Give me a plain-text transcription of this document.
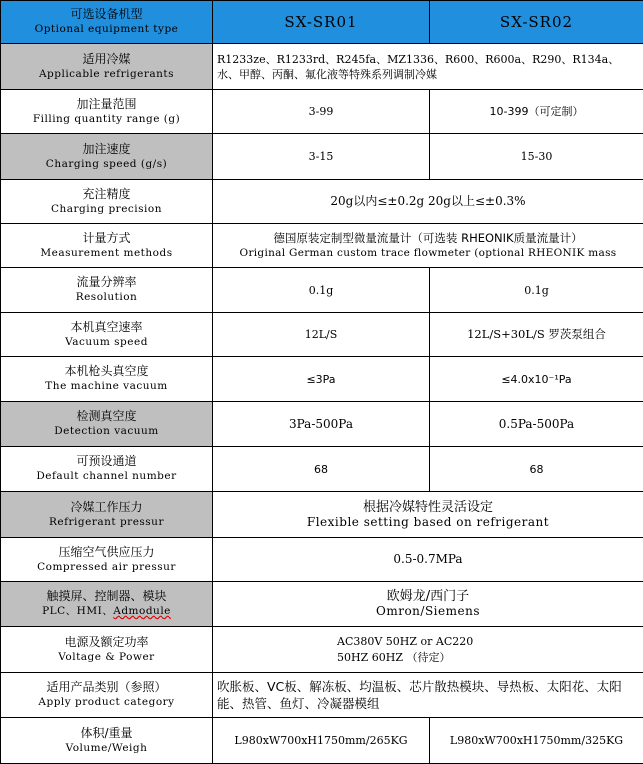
可选设备机型
Optional equipment type	SX-SR01	SX-SR02

适用冷媒
Applicable refrigerants	R1233ze、R1233rd、R245fa、MZ1336、R600、R600a、R290、R134a、水、甲醇、丙酮、氟化液等特殊系列调制冷媒	

加注量范围
Filling quantity range (g)	3-99	10-399（可定制）

加注速度
Charging speed (g/s)	3-15	15-30

充注精度
Charging precision	20g以内≤±0.2g 20g以上≤±0.3%	

计量方式
Measurement methods	德国原装定制型微量流量计（可选装 RHEONIK质量流量计）
Original German custom trace flowmeter (optional RHEONIK mass	

流量分辨率
Resolution	0.1g	0.1g

本机真空速率
Vacuum speed	12L/S	12L/S+30L/S 罗茨泵组合

本机枪头真空度
The machine vacuum	≤3Pa	≤4.0x10⁻¹Pa

检测真空度
Detection vacuum	3Pa-500Pa	0.5Pa-500Pa

可预设通道
Default channel number	68	68

冷媒工作压力
Refrigerant pressur	根据冷媒特性灵活设定
Flexible setting based on refrigerant	

压缩空气供应压力
Compressed air pressur	0.5-0.7MPa	

触摸屏、控制器、模块
PLC、HMI、Admodule	欧姆龙/西门子
Omron/Siemens	

电源及额定功率
Voltage & Power	AC380V 50HZ or AC220
50HZ 60HZ （待定）	

适用产品类别（参照）
Apply product category	吹胀板、VC板、解冻板、均温板、芯片散热模块、导热板、太阳花、太阳能、热管、鱼灯、冷凝器模组	

体积/重量
Volume/Weigh	L980xW700xH1750mm/265KG	L980xW700xH1750mm/325KG
